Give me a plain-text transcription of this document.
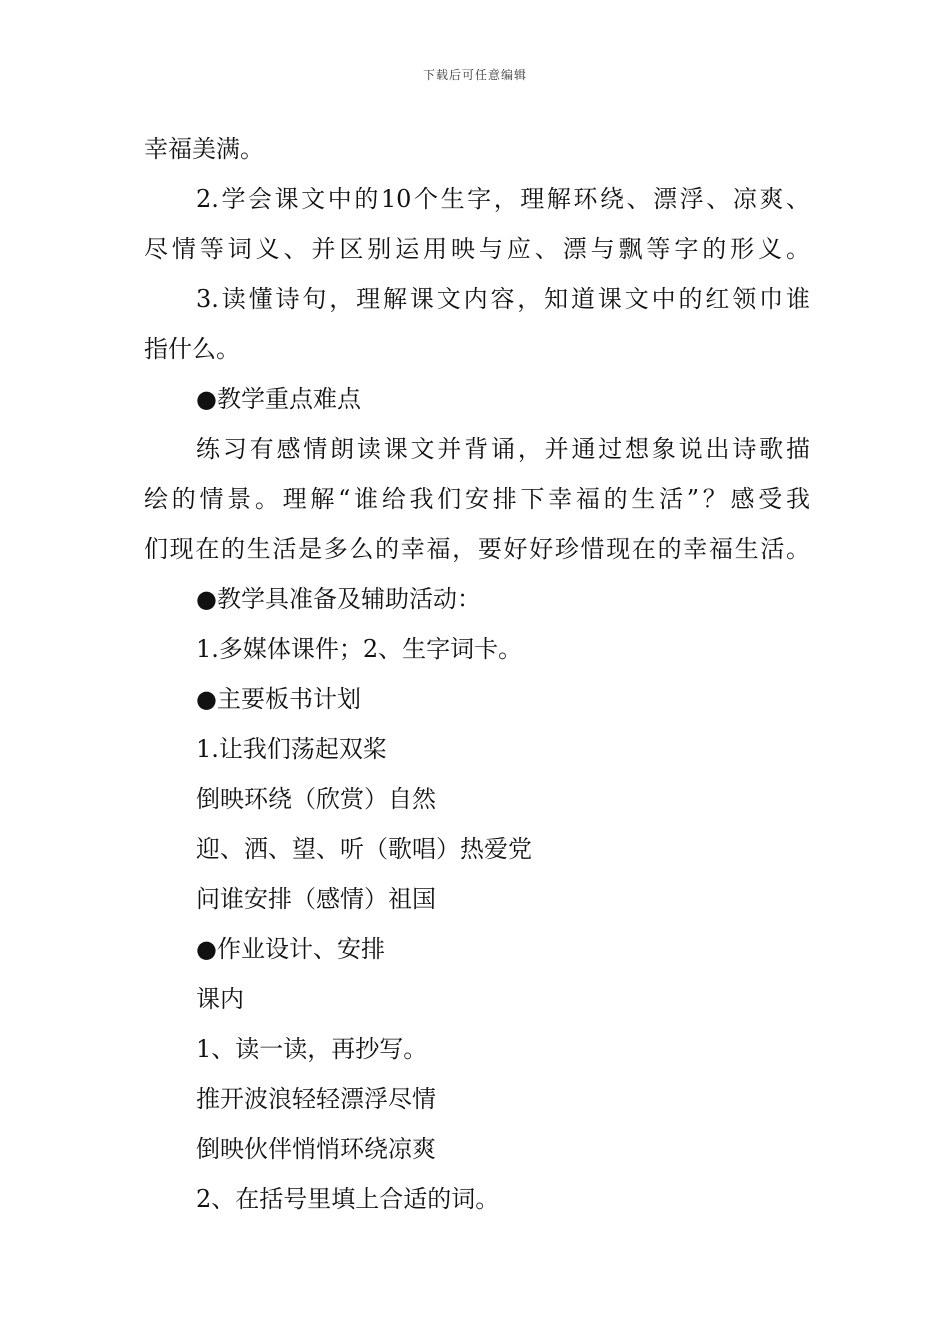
下载后可任意编辑

幸福美满。

2.学会课文中的10个生字，理解环绕、漂浮、凉爽、

尽情等词义、并区别运用映与应、漂与飘等字的形义。

3.读懂诗句，理解课文内容，知道课文中的红领巾谁

指什么。

●教学重点难点

练习有感情朗读课文并背诵，并通过想象说出诗歌描

绘的情景。理解“谁给我们安排下幸福的生活”？感受我

们现在的生活是多么的幸福，要好好珍惜现在的幸福生活。

●教学具准备及辅助活动：

1.多媒体课件；2、生字词卡。

●主要板书计划

1.让我们荡起双桨

倒映环绕（欣赏）自然

迎、洒、望、听（歌唱）热爱党

问谁安排（感情）祖国

●作业设计、安排

课内

1、读一读，再抄写。

推开波浪轻轻漂浮尽情

倒映伙伴悄悄环绕凉爽

2、在括号里填上合适的词。
